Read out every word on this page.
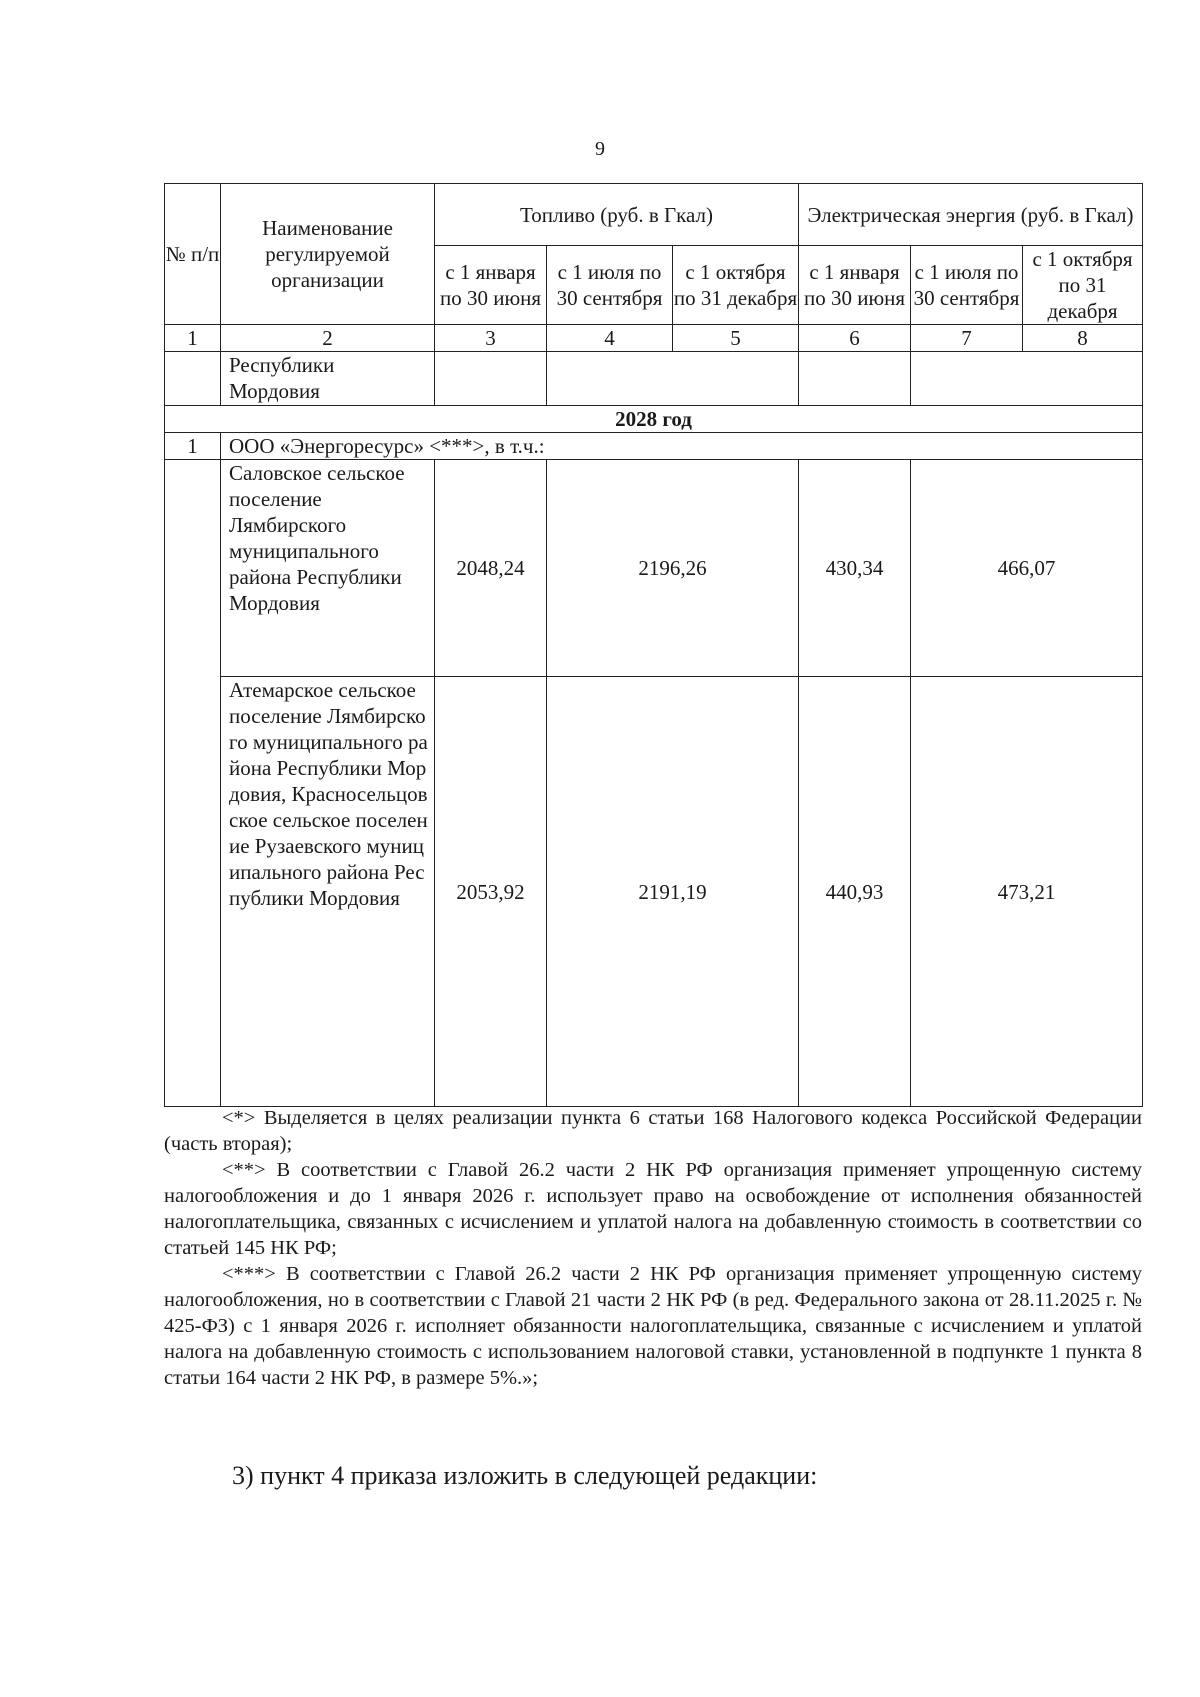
9
№ п/п	Наименование регулируемой организации	Топливо (руб. в Гкал)			Электрическая энергия (руб. в Гкал)		
		с 1 января по 30 июня	с 1 июля по 30 сентября	с 1 октября по 31 декабря	с 1 января по 30 июня	с 1 июля по 30 сентября	с 1 октября по 31 декабря
1	2	3	4	5	6	7	8
	Республики Мордовия						
2028 год							
1	ООО «Энергоресурс» <***>, в т.ч.:						
	Саловское сельское поселение Лямбирского муниципального района Республики Мордовия	2048,24	2196,26		430,34	466,07	
	Атемарское сельское поселение Лямбирского муниципального района Республики Мордовия, Красносельцовское сельское поселение Рузаевского муниципального района Республики Мордовия	2053,92	2191,19		440,93	473,21	

<*> Выделяется в целях реализации пункта 6 статьи 168 Налогового кодекса Российской Федерации (часть вторая);

<**> В соответствии с Главой 26.2 части 2 НК РФ организация применяет упрощенную систему налогообложения и до 1 января 2026 г. использует право на освобождение от исполнения обязанностей налогоплательщика, связанных с исчислением и уплатой налога на добавленную стоимость в соответствии со статьей 145 НК РФ;

<***> В соответствии с Главой 26.2 части 2 НК РФ организация применяет упрощенную систему налогообложения, но в соответствии с Главой 21 части 2 НК РФ (в ред. Федерального закона от 28.11.2025 г. № 425-ФЗ) с 1 января 2026 г. исполняет обязанности налогоплательщика, связанные с исчислением и уплатой налога на добавленную стоимость с использованием налоговой ставки, установленной в подпункте 1 пункта 8 статьи 164 части 2 НК РФ, в размере 5%.»;

3) пункт 4 приказа изложить в следующей редакции:
